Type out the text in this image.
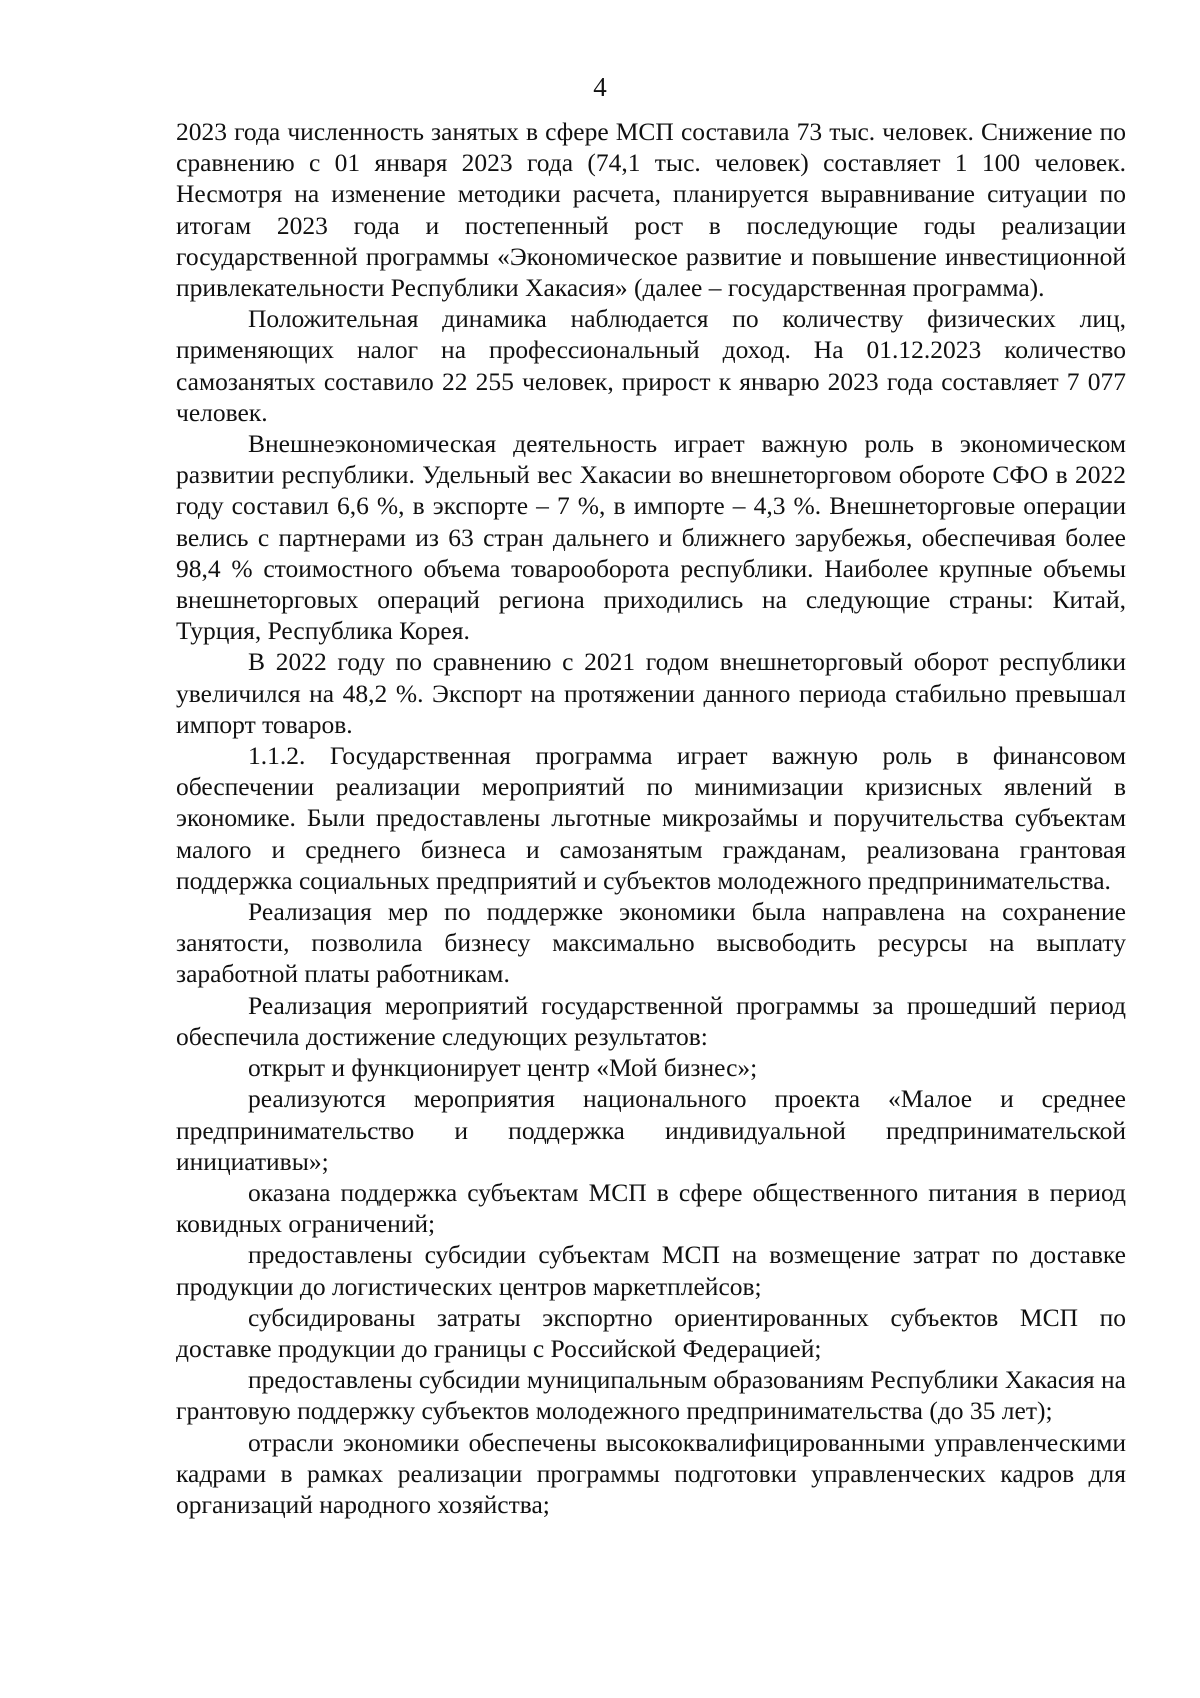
4

2023 года численность занятых в сфере МСП составила 73 тыс. человек. Снижение по сравнению с 01 января 2023 года (74,1 тыс. человек) составляет 1 100 человек. Несмотря на изменение методики расчета, планируется выравнивание ситуации по итогам 2023 года и постепенный рост в последующие годы реализации государственной программы «Экономическое развитие и повышение инвестиционной привлекательности Республики Хакасия» (далее – государственная программа).

Положительная динамика наблюдается по количеству физических лиц, применяющих налог на профессиональный доход. На 01.12.2023 количество самозанятых составило 22 255 человек, прирост к январю 2023 года составляет 7 077 человек.

Внешнеэкономическая деятельность играет важную роль в экономическом развитии республики. Удельный вес Хакасии во внешнеторговом обороте СФО в 2022 году составил 6,6 %, в экспорте – 7 %, в импорте – 4,3 %. Внешнеторговые операции велись с партнерами из 63 стран дальнего и ближнего зарубежья, обеспечивая более 98,4 % стоимостного объема товарооборота республики. Наиболее крупные объемы внешнеторговых операций региона приходились на следующие страны: Китай, Турция, Республика Корея.

В 2022 году по сравнению с 2021 годом внешнеторговый оборот республики увеличился на 48,2 %. Экспорт на протяжении данного периода стабильно превышал импорт товаров.

1.1.2. Государственная программа играет важную роль в финансовом обеспечении реализации мероприятий по минимизации кризисных явлений в экономике. Были предоставлены льготные микрозаймы и поручительства субъектам малого и среднего бизнеса и самозанятым гражданам, реализована грантовая поддержка социальных предприятий и субъектов молодежного предпринимательства.

Реализация мер по поддержке экономики была направлена на сохранение занятости, позволила бизнесу максимально высвободить ресурсы на выплату заработной платы работникам.

Реализация мероприятий государственной программы за прошедший период обеспечила достижение следующих результатов:

открыт и функционирует центр «Мой бизнес»;

реализуются мероприятия национального проекта «Малое и среднее предпринимательство и поддержка индивидуальной предпринимательской инициативы»;

оказана поддержка субъектам МСП в сфере общественного питания в период ковидных ограничений;

предоставлены субсидии субъектам МСП на возмещение затрат по доставке продукции до логистических центров маркетплейсов;

субсидированы затраты экспортно ориентированных субъектов МСП по доставке продукции до границы с Российской Федерацией;

предоставлены субсидии муниципальным образованиям Республики Хакасия на грантовую поддержку субъектов молодежного предпринимательства (до 35 лет);

отрасли экономики обеспечены высококвалифицированными управленческими кадрами в рамках реализации программы подготовки управленческих кадров для организаций народного хозяйства;
